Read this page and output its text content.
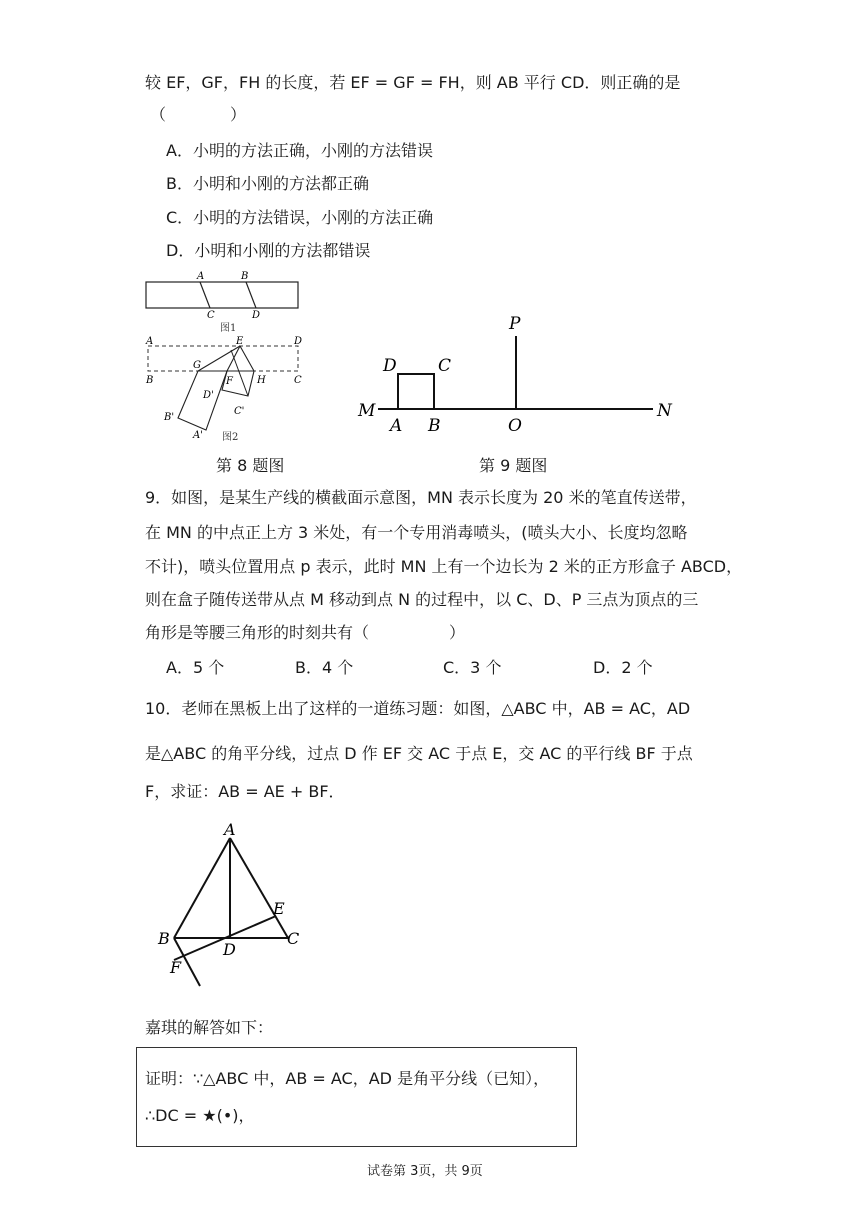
较 EF，GF，FH 的长度，若 EF = GF = FH，则 AB 平行 CD．则正确的是
（　　　　）
A．小明的方法正确，小刚的方法错误
B．小明和小刚的方法都正确
C．小明的方法错误，小刚的方法正确
D．小明和小刚的方法都错误
A	B
C	D
图1
A	D
B	C
E
G
F H
D'
C'
B'
A' 图2
第 8 题图
P
D C
M
A B	O
N
第 9 题图
9．如图，是某生产线的横截面示意图，MN 表示长度为 20 米的笔直传送带，
在 MN 的中点正上方 3 米处，有一个专用消毒喷头，(喷头大小、长度均忽略
不计)，喷头位置用点 p 表示，此时 MN 上有一个边长为 2 米的正方形盒子 ABCD，
则在盒子随传送带从点 M 移动到点 N 的过程中，以 C、D、P 三点为顶点的三
角形是等腰三角形的时刻共有（　　　　　）
A．5 个	B．4 个	C．3 个	D．2 个
10．老师在黑板上出了这样的一道练习题：如图，△ABC 中，AB = AC，AD
是△ABC 的角平分线，过点 D 作 EF 交 AC 于点 E，交 AC 的平行线 BF 于点
F，求证：AB = AE + BF．
A
E
B
D
C
F
嘉琪的解答如下：
证明：∵△ABC 中，AB = AC，AD 是角平分线（已知），
∴DC = ★(•)，
试卷第 3页，共 9页
